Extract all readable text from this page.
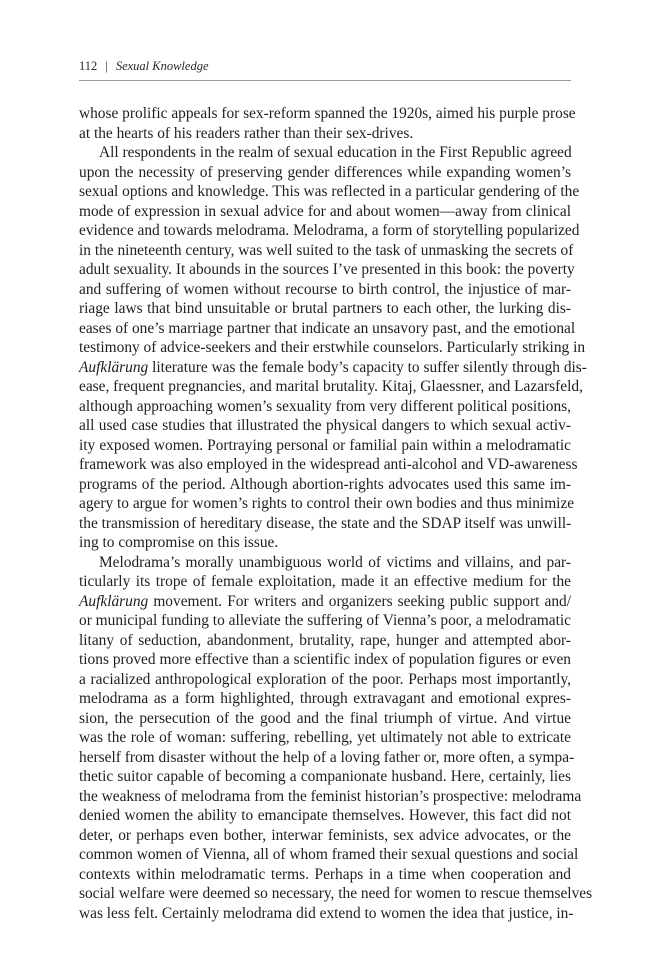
112 | Sexual Knowledge
whose prolific appeals for sex-reform spanned the 1920s, aimed his purple prose
at the hearts of his readers rather than their sex-drives.
All respondents in the realm of sexual education in the First Republic agreed
upon the necessity of preserving gender differences while expanding women’s
sexual options and knowledge. This was reflected in a particular gendering of the
mode of expression in sexual advice for and about women—away from clinical
evidence and towards melodrama. Melodrama, a form of storytelling popularized
in the nineteenth century, was well suited to the task of unmasking the secrets of
adult sexuality. It abounds in the sources I’ve presented in this book: the poverty
and suffering of women without recourse to birth control, the injustice of mar-
riage laws that bind unsuitable or brutal partners to each other, the lurking dis-
eases of one’s marriage partner that indicate an unsavory past, and the emotional
testimony of advice-seekers and their erstwhile counselors. Particularly striking in
Aufklärung literature was the female body’s capacity to suffer silently through dis-
ease, frequent pregnancies, and marital brutality. Kitaj, Glaessner, and Lazarsfeld,
although approaching women’s sexuality from very different political positions,
all used case studies that illustrated the physical dangers to which sexual activ-
ity exposed women. Portraying personal or familial pain within a melodramatic
framework was also employed in the widespread anti-alcohol and VD-awareness
programs of the period. Although abortion-rights advocates used this same im-
agery to argue for women’s rights to control their own bodies and thus minimize
the transmission of hereditary disease, the state and the SDAP itself was unwill-
ing to compromise on this issue.
Melodrama’s morally unambiguous world of victims and villains, and par-
ticularly its trope of female exploitation, made it an effective medium for the
Aufklärung movement. For writers and organizers seeking public support and/
or municipal funding to alleviate the suffering of Vienna’s poor, a melodramatic
litany of seduction, abandonment, brutality, rape, hunger and attempted abor-
tions proved more effective than a scientific index of population figures or even
a racialized anthropological exploration of the poor. Perhaps most importantly,
melodrama as a form highlighted, through extravagant and emotional expres-
sion, the persecution of the good and the final triumph of virtue. And virtue
was the role of woman: suffering, rebelling, yet ultimately not able to extricate
herself from disaster without the help of a loving father or, more often, a sympa-
thetic suitor capable of becoming a companionate husband. Here, certainly, lies
the weakness of melodrama from the feminist historian’s prospective: melodrama
denied women the ability to emancipate themselves. However, this fact did not
deter, or perhaps even bother, interwar feminists, sex advice advocates, or the
common women of Vienna, all of whom framed their sexual questions and social
contexts within melodramatic terms. Perhaps in a time when cooperation and
social welfare were deemed so necessary, the need for women to rescue themselves
was less felt. Certainly melodrama did extend to women the idea that justice, in-
